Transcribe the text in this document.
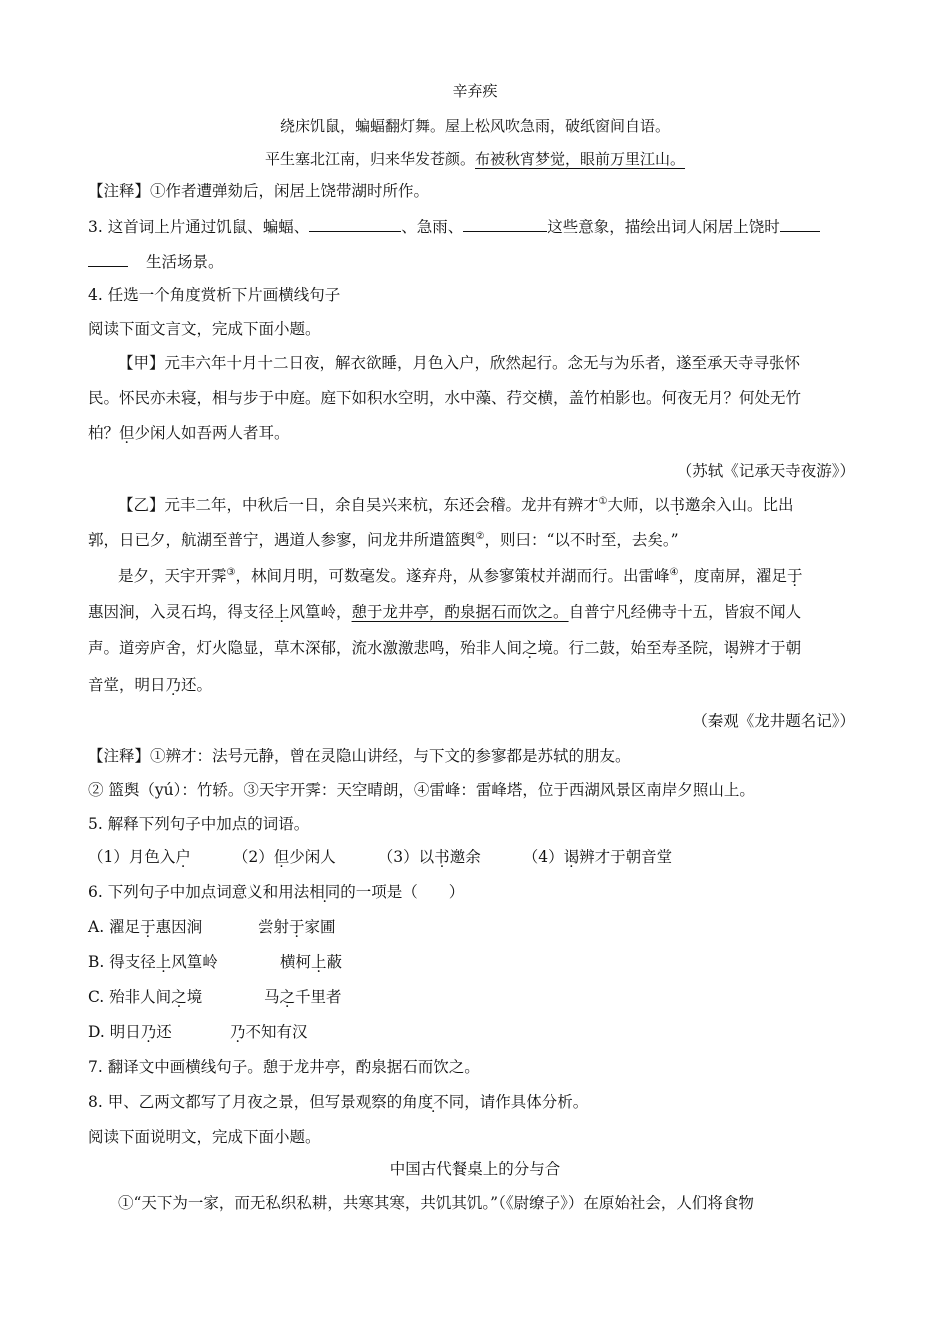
辛弃疾
绕床饥鼠，蝙蝠翻灯舞。屋上松风吹急雨，破纸窗间自语。
平生塞北江南，归来华发苍颜。布被秋宵梦觉，眼前万里江山。
【注释】①作者遭弹劾后，闲居上饶带湖时所作。
3. 这首词上片通过饥鼠、蝙蝠、	、急雨、	这些意象，描绘出词人闲居上饶时
生活场景。
4. 任选一个角度赏析下片画横线句子
阅读下面文言文，完成下面小题。
【甲】元丰六年十月十二日夜，解衣欲睡，月色入户，欣然起行。念无与为乐者，遂至承天寺寻张怀
民。怀民亦未寝，相与步于中庭。庭下如积水空明，水中藻、荇交横，盖竹柏影也。何夜无月？何处无竹
柏？但少闲人如吾两人者耳。
（苏轼《记承天寺夜游》）
【乙】元丰二年，中秋后一日，余自吴兴来杭，东还会稽。龙井有辨才①大师，以书邀余入山。比出
郭，日已夕，航湖至普宁，遇道人参寥，问龙井所遣篮舆②，则曰：“以不时至，去矣。”
是夕，天宇开霁③，林间月明，可数毫发。遂弃舟，从参寥策杖并湖而行。出雷峰④，度南屏，濯足于
惠因涧，入灵石坞，得支径上风篁岭，憩于龙井亭，酌泉据石而饮之。自普宁凡经佛寺十五，皆寂不闻人
声。道旁庐舍，灯火隐显，草木深郁，流水激激悲鸣，殆非人间之境。行二鼓，始至寿圣院，谒辨才于朝
音堂，明日乃还。
（秦观《龙井题名记》）
【注释】①辨才：法号元静，曾在灵隐山讲经，与下文的参寥都是苏轼的朋友。
② 篮舆（yú）：竹轿。③天宇开霁：天空晴朗，④雷峰：雷峰塔，位于西湖风景区南岸夕照山上。
5. 解释下列句子中加点的词语。
（1）月色入户	（2）但少闲人	（3）以书邀余	（4）谒辨才于朝音堂
6. 下列句子中加点词意义和用法相同的一项是（　　）
A. 濯足于惠因涧	尝射于家圃
B. 得支径上风篁岭	横柯上蔽
C. 殆非人间之境	马之千里者
D. 明日乃还	乃不知有汉
7. 翻译文中画横线句子。憩于龙井亭，酌泉据石而饮之。
8. 甲、乙两文都写了月夜之景，但写景观察的角度不同，请作具体分析。
阅读下面说明文，完成下面小题。
中国古代餐桌上的分与合
①“天下为一家，而无私织私耕，共寒其寒，共饥其饥。”（《尉缭子》）在原始社会，人们将食物
